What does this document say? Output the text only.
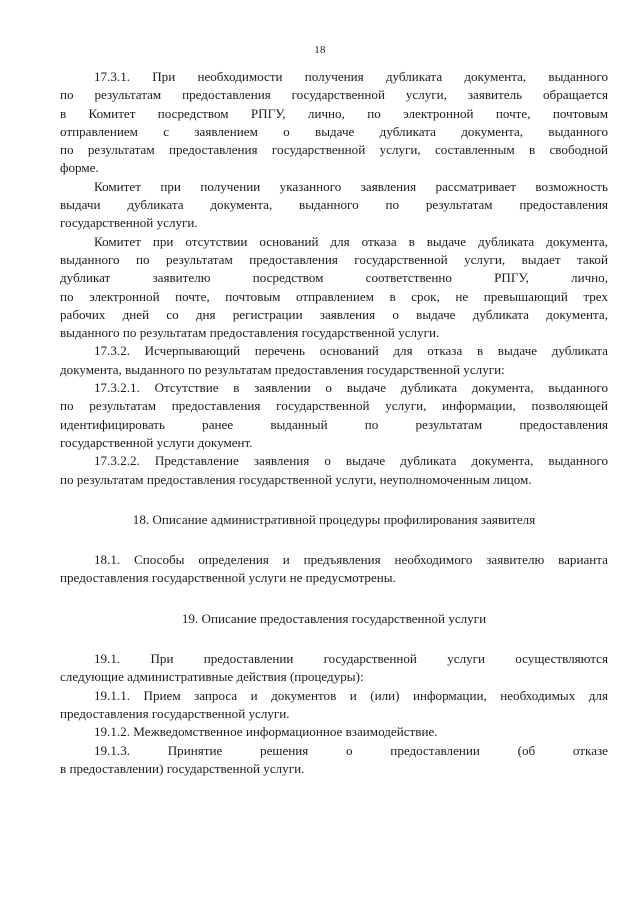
18
17.3.1. При необходимости получения дубликата документа, выданного
по результатам предоставления государственной услуги, заявитель обращается
в Комитет посредством РПГУ, лично, по электронной почте, почтовым
отправлением с заявлением о выдаче дубликата документа, выданного
по результатам предоставления государственной услуги, составленным в свободной
форме.
Комитет при получении указанного заявления рассматривает возможность
выдачи дубликата документа, выданного по результатам предоставления
государственной услуги.
Комитет при отсутствии оснований для отказа в выдаче дубликата документа,
выданного по результатам предоставления государственной услуги, выдает такой
дубликат заявителю посредством соответственно РПГУ, лично,
по электронной почте, почтовым отправлением в срок, не превышающий трех
рабочих дней со дня регистрации заявления о выдаче дубликата документа,
выданного по результатам предоставления государственной услуги.
17.3.2. Исчерпывающий перечень оснований для отказа в выдаче дубликата
документа, выданного по результатам предоставления государственной услуги:
17.3.2.1. Отсутствие в заявлении о выдаче дубликата документа, выданного
по результатам предоставления государственной услуги, информации, позволяющей
идентифицировать ранее выданный по результатам предоставления
государственной услуги документ.
17.3.2.2. Представление заявления о выдаче дубликата документа, выданного
по результатам предоставления государственной услуги, неуполномоченным лицом.
18. Описание административной процедуры профилирования заявителя
18.1. Способы определения и предъявления необходимого заявителю варианта
предоставления государственной услуги не предусмотрены.
19. Описание предоставления государственной услуги
19.1. При предоставлении государственной услуги осуществляются
следующие административные действия (процедуры):
19.1.1. Прием запроса и документов и (или) информации, необходимых для
предоставления государственной услуги.
19.1.2. Межведомственное информационное взаимодействие.
19.1.3. Принятие решения о предоставлении (об отказе
в предоставлении) государственной услуги.
